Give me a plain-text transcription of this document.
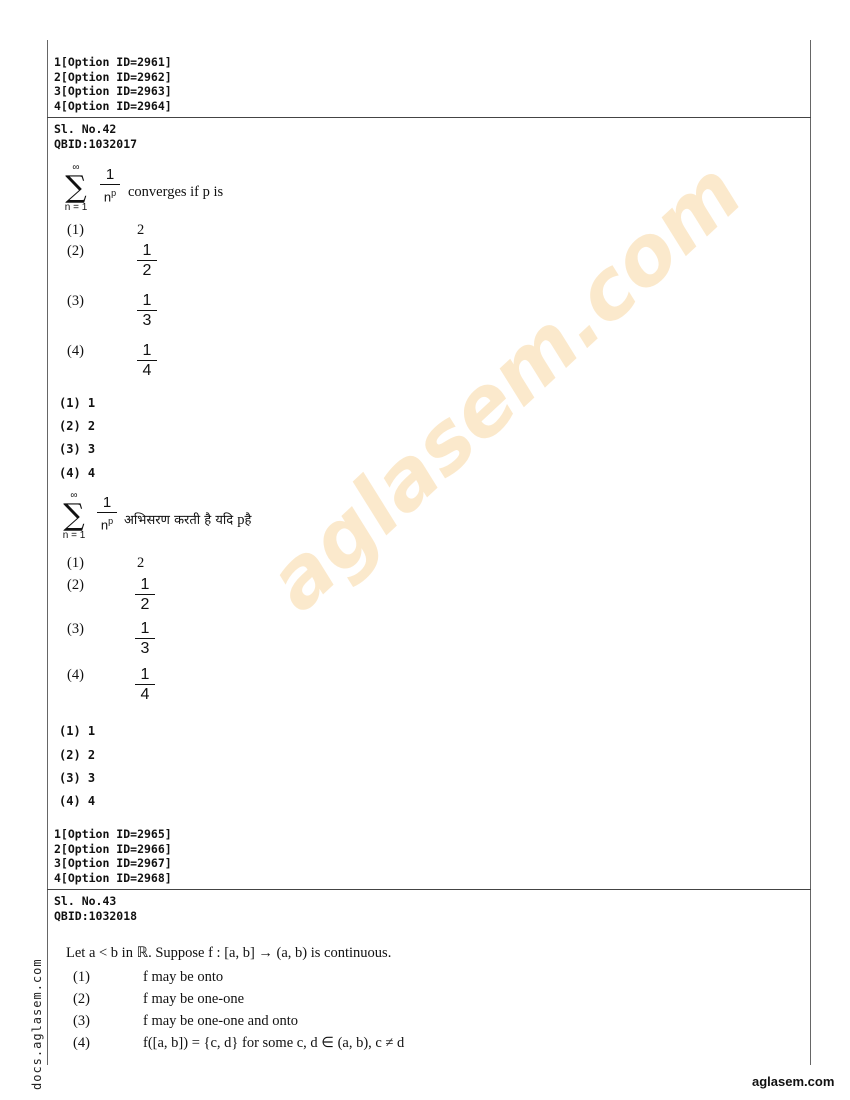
aglasem.com
1[Option ID=2961]
2[Option ID=2962]
3[Option ID=2963]
4[Option ID=2964]
Sl. No.42
QBID:1032017
∞
∑
n = 1
1
$n^p$ converges if p is
(1)	2
(2)	1
2
(3)	1
3
(4)	1
4
(1) 1
(2) 2
(3) 3
(4) 4
∞
∑
n = 1
1
$n^p$ अभिसरण करती है यदि pहै
(1)	2
(2)	1
2
(3)	1
3
(4)	1
4
(1) 1
(2) 2
(3) 3
(4) 4
1[Option ID=2965]
2[Option ID=2966]
3[Option ID=2967]
4[Option ID=2968]
Sl. No.43
QBID:1032018
Let a < b in ℝ. Suppose f : [a, b] → (a, b) is continuous.
(1)	f may be onto
(2)	f may be one-one
(3)	f may be one-one and onto
(4)	f([a, b]) = {c, d} for some c, d ∈ (a, b), c ≠ d
docs.aglasem.com	aglasem.com
